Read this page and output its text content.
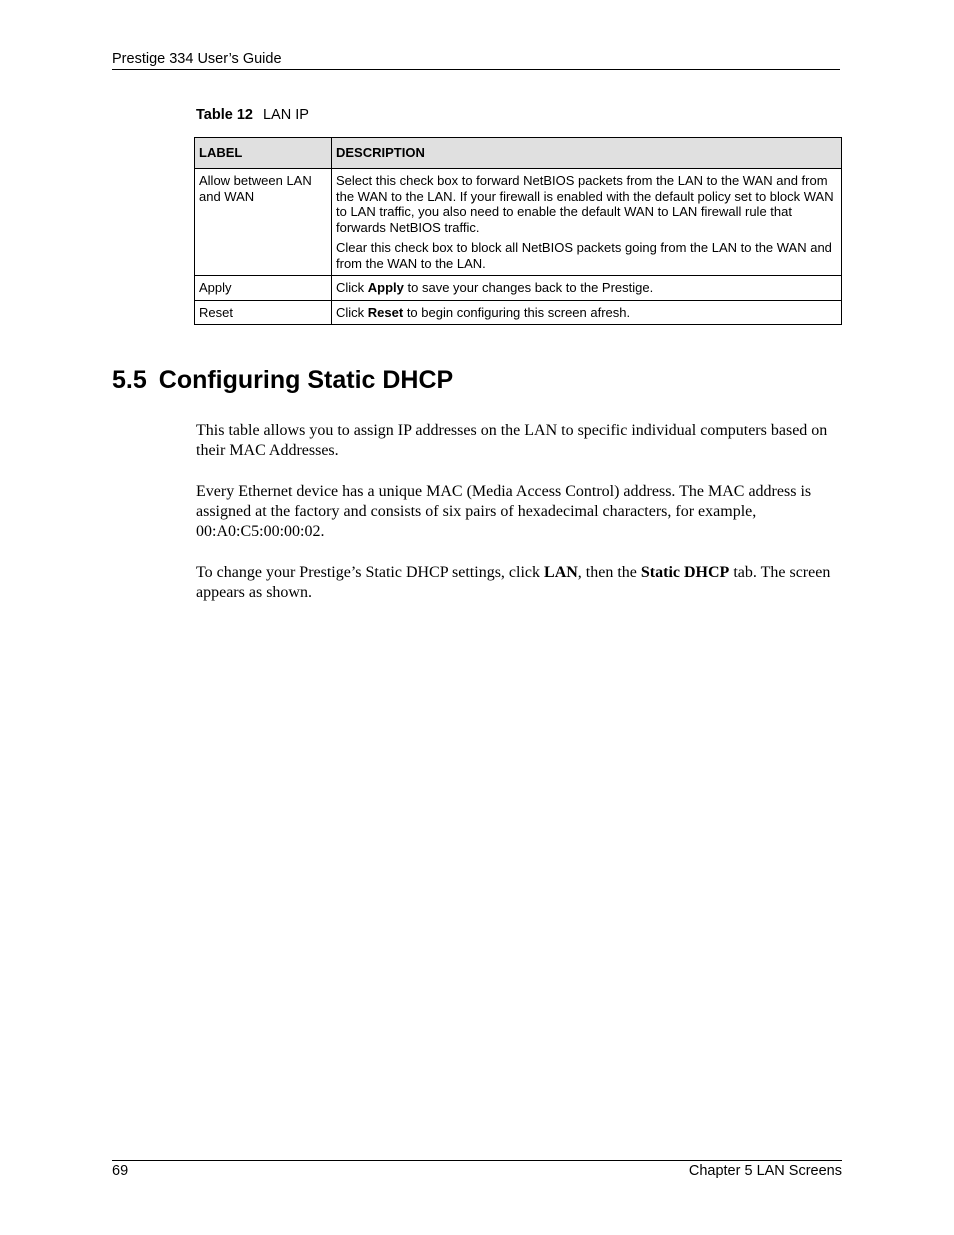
Prestige 334 User’s Guide
Table 12 LAN IP
LABEL	DESCRIPTION
Allow between LAN and WAN	Select this check box to forward NetBIOS packets from the LAN to the WAN and from the WAN to the LAN. If your firewall is enabled with the default policy set to block WAN to LAN traffic, you also need to enable the default WAN to LAN firewall rule that forwards NetBIOS traffic.

Clear this check box to block all NetBIOS packets going from the LAN to the WAN and from the WAN to the LAN.

Apply	Click Apply to save your changes back to the Prestige.
Reset	Click Reset to begin configuring this screen afresh.
5.5 Configuring Static DHCP

This table allows you to assign IP addresses on the LAN to specific individual computers based on their MAC Addresses.

Every Ethernet device has a unique MAC (Media Access Control) address. The MAC address is assigned at the factory and consists of six pairs of hexadecimal characters, for example, 00:A0:C5:00:00:02.

To change your Prestige’s Static DHCP settings, click LAN, then the Static DHCP tab. The screen appears as shown.

69	Chapter 5 LAN Screens
